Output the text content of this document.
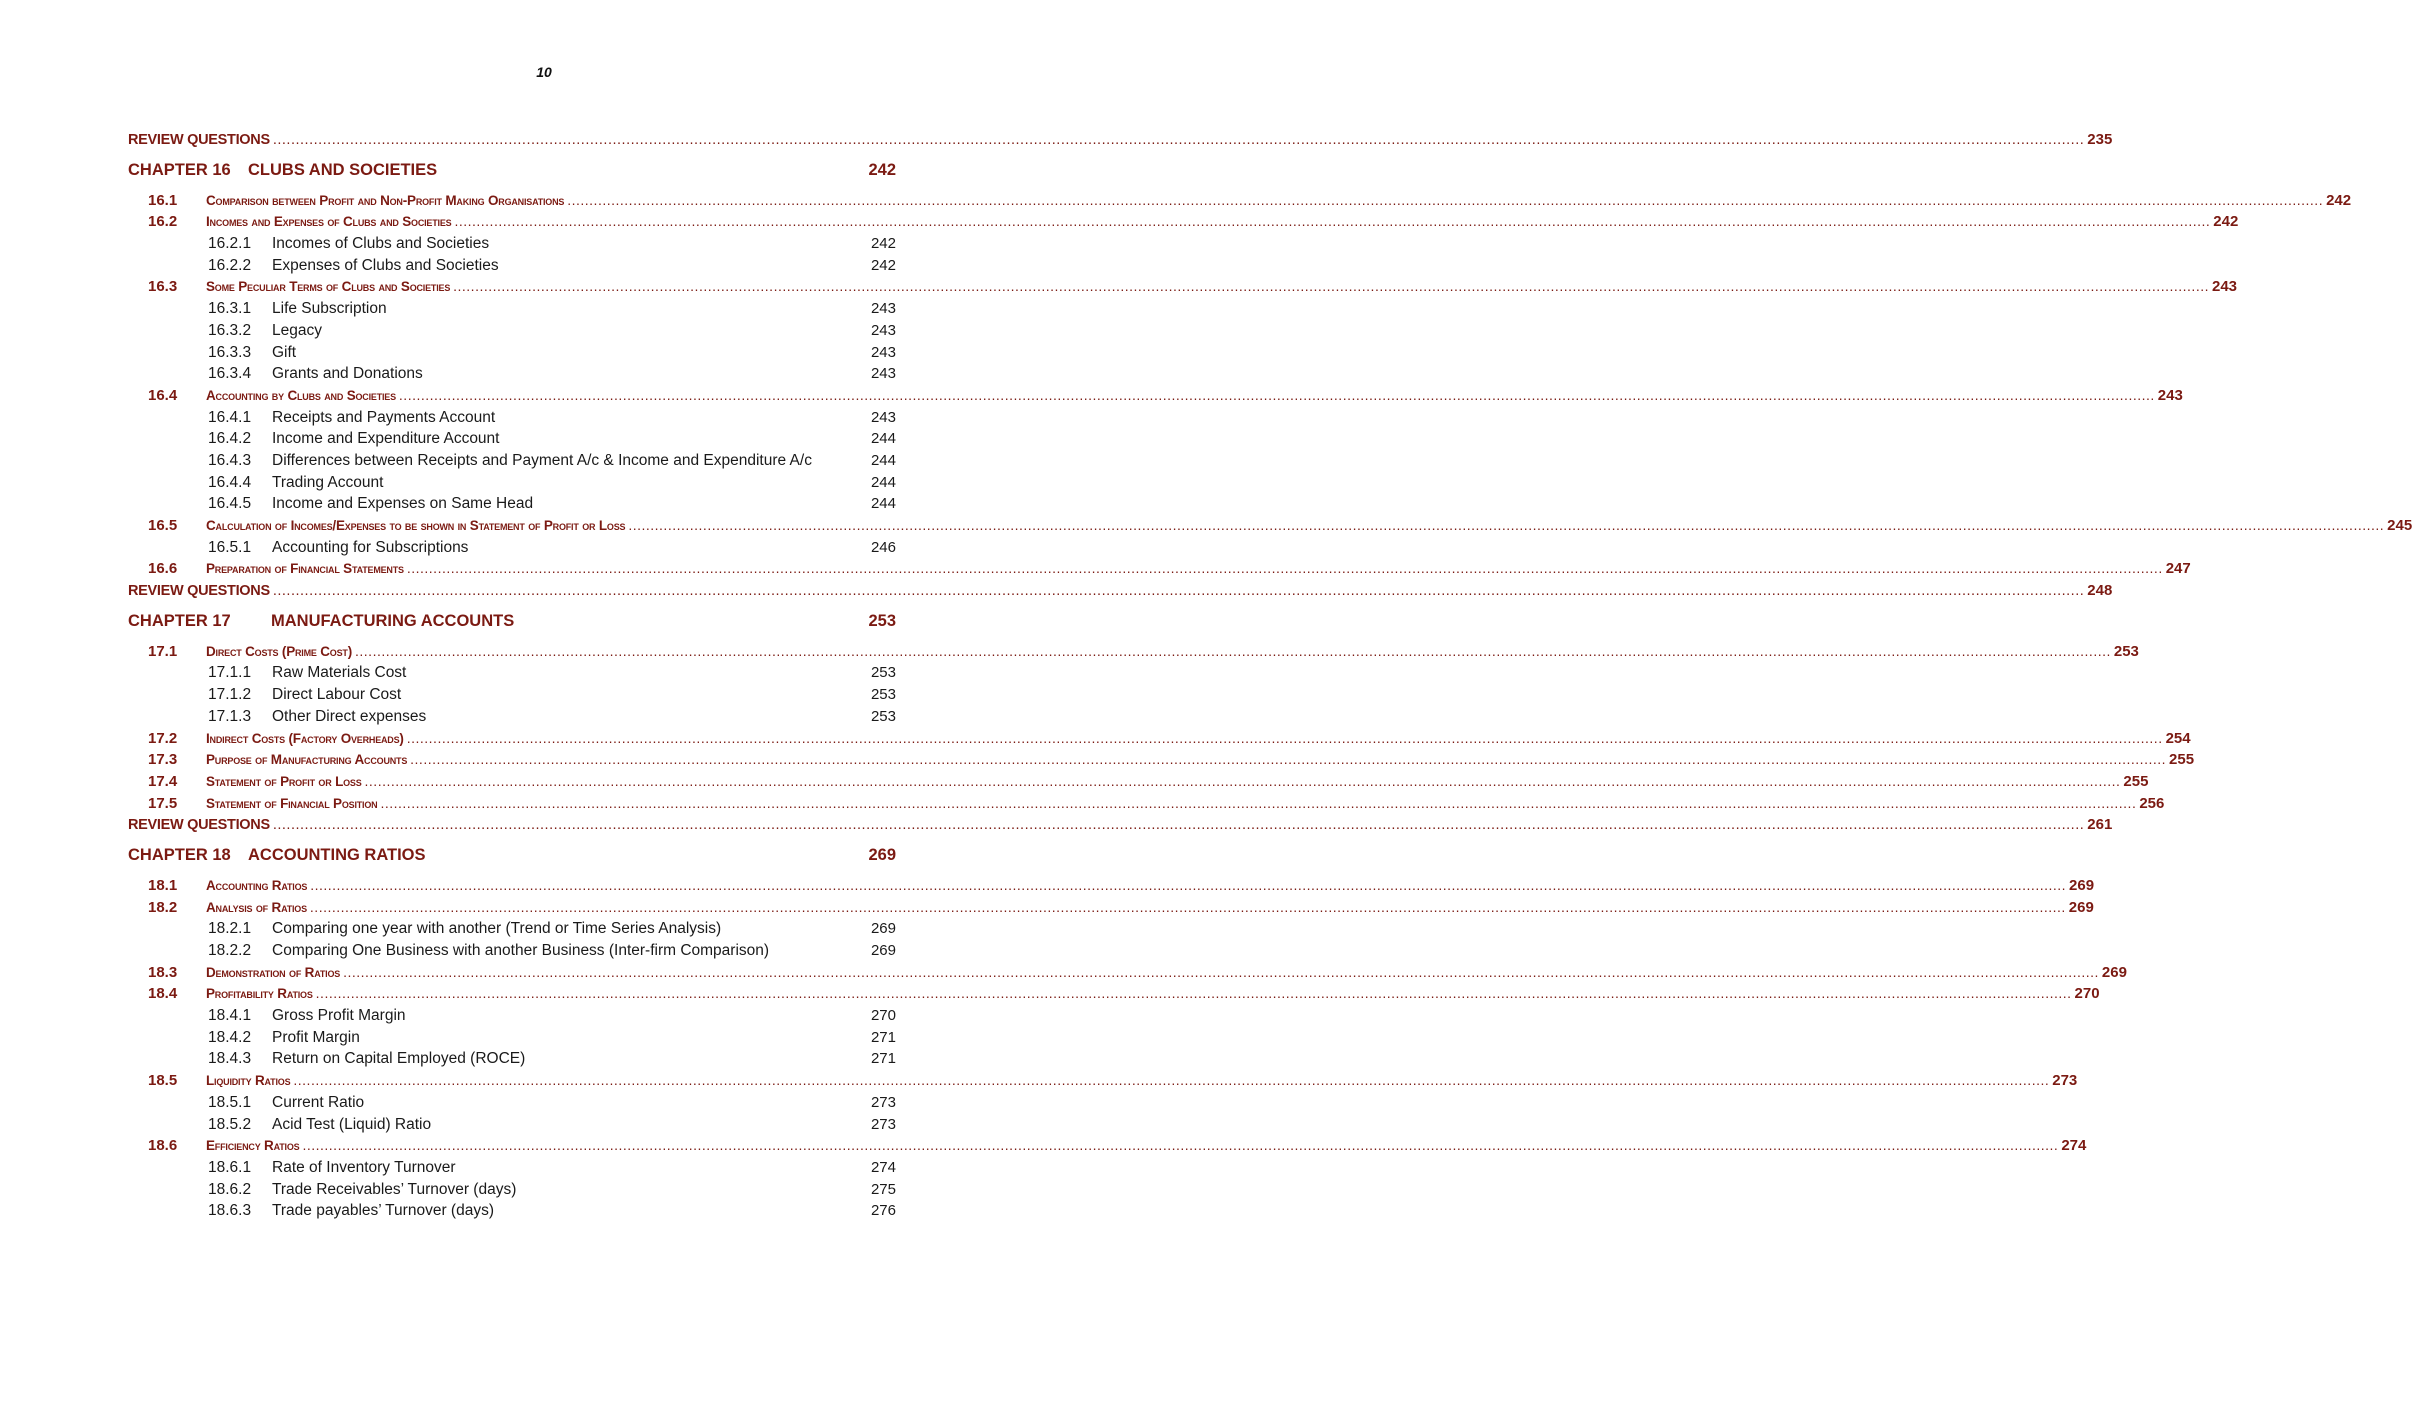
10
REVIEW QUESTIONS ................................................................................................................................................................................................................................................................................................................................................................................................................ 235
CHAPTER 16	CLUBS AND SOCIETIES	242
16.1	Comparison between Profit and Non-Profit Making Organisations ................................................................................................................................................................................................................................................................................................................................................................................................................ 242
16.2	Incomes and Expenses of Clubs and Societies ................................................................................................................................................................................................................................................................................................................................................................................................................ 242
16.2.1	Incomes of Clubs and Societies	242
16.2.2	Expenses of Clubs and Societies	242
16.3	Some Peculiar Terms of Clubs and Societies ................................................................................................................................................................................................................................................................................................................................................................................................................ 243
16.3.1	Life Subscription	243
16.3.2	Legacy	243
16.3.3	Gift	243
16.3.4	Grants and Donations	243
16.4	Accounting by Clubs and Societies ................................................................................................................................................................................................................................................................................................................................................................................................................ 243
16.4.1	Receipts and Payments Account	243
16.4.2	Income and Expenditure Account	244
16.4.3	Differences between Receipts and Payment A/c & Income and Expenditure A/c	244
16.4.4	Trading Account	244
16.4.5	Income and Expenses on Same Head	244
16.5	Calculation of Incomes/Expenses to be shown in Statement of Profit or Loss ................................................................................................................................................................................................................................................................................................................................................................................................................ 245
16.5.1	Accounting for Subscriptions	246
16.6	Preparation of Financial Statements ................................................................................................................................................................................................................................................................................................................................................................................................................ 247
REVIEW QUESTIONS ................................................................................................................................................................................................................................................................................................................................................................................................................ 248
CHAPTER 17	MANUFACTURING ACCOUNTS	253
17.1	Direct Costs (Prime Cost) ................................................................................................................................................................................................................................................................................................................................................................................................................ 253
17.1.1	Raw Materials Cost	253
17.1.2	Direct Labour Cost	253
17.1.3	Other Direct expenses	253
17.2	Indirect Costs (Factory Overheads) ................................................................................................................................................................................................................................................................................................................................................................................................................ 254
17.3	Purpose of Manufacturing Accounts ................................................................................................................................................................................................................................................................................................................................................................................................................ 255
17.4	Statement of Profit or Loss ................................................................................................................................................................................................................................................................................................................................................................................................................ 255
17.5	Statement of Financial Position ................................................................................................................................................................................................................................................................................................................................................................................................................ 256
REVIEW QUESTIONS ................................................................................................................................................................................................................................................................................................................................................................................................................ 261
CHAPTER 18	ACCOUNTING RATIOS	269
18.1	Accounting Ratios ................................................................................................................................................................................................................................................................................................................................................................................................................ 269
18.2	Analysis of Ratios ................................................................................................................................................................................................................................................................................................................................................................................................................ 269
18.2.1	Comparing one year with another (Trend or Time Series Analysis)	269
18.2.2	Comparing One Business with another Business (Inter-firm Comparison)	269
18.3	Demonstration of Ratios ................................................................................................................................................................................................................................................................................................................................................................................................................ 269
18.4	Profitability Ratios ................................................................................................................................................................................................................................................................................................................................................................................................................ 270
18.4.1	Gross Profit Margin	270
18.4.2	Profit Margin	271
18.4.3	Return on Capital Employed (ROCE)	271
18.5	Liquidity Ratios ................................................................................................................................................................................................................................................................................................................................................................................................................ 273
18.5.1	Current Ratio	273
18.5.2	Acid Test (Liquid) Ratio	273
18.6	Efficiency Ratios ................................................................................................................................................................................................................................................................................................................................................................................................................ 274
18.6.1	Rate of Inventory Turnover	274
18.6.2	Trade Receivables’ Turnover (days)	275
18.6.3	Trade payables’ Turnover (days)	276
